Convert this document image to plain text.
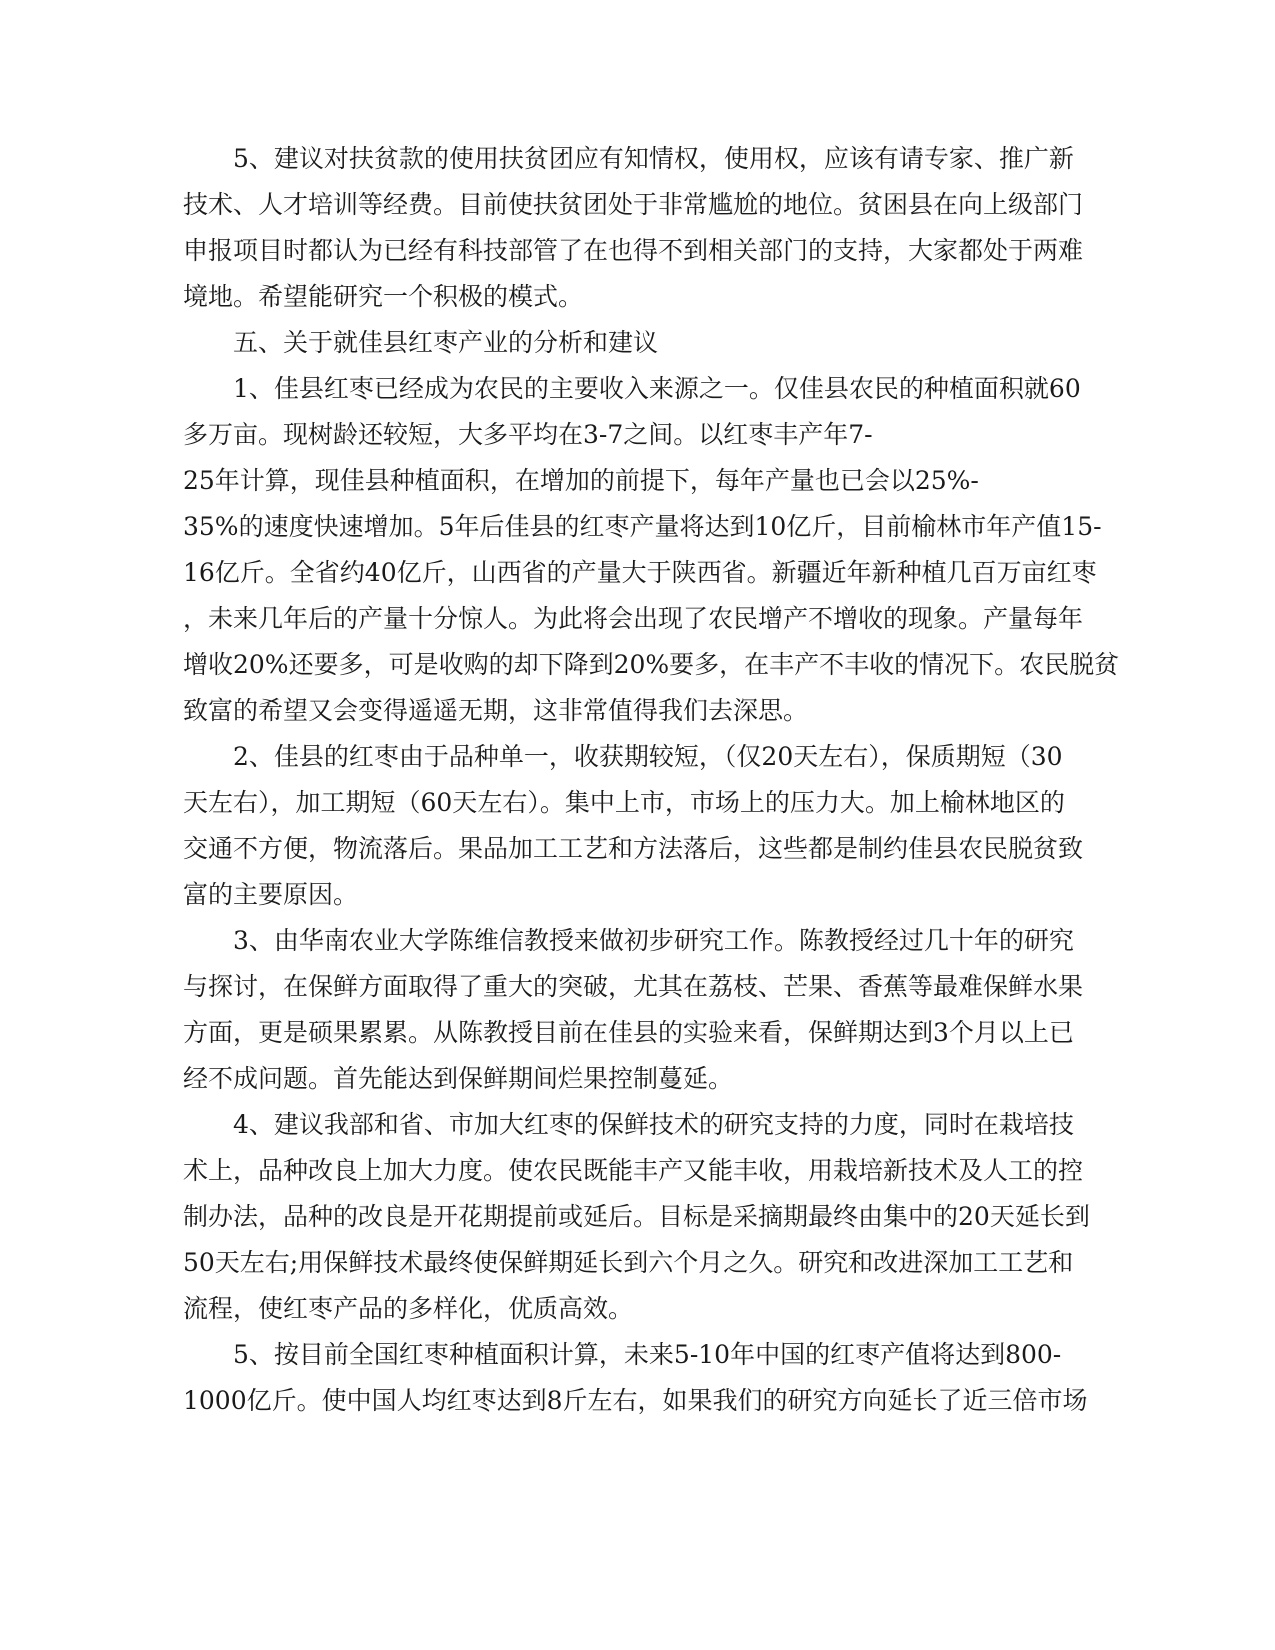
5、建议对扶贫款的使用扶贫团应有知情权，使用权，应该有请专家、推广新
技术、人才培训等经费。目前使扶贫团处于非常尴尬的地位。贫困县在向上级部门
申报项目时都认为已经有科技部管了在也得不到相关部门的支持，大家都处于两难
境地。希望能研究一个积极的模式。
五、关于就佳县红枣产业的分析和建议
1、佳县红枣已经成为农民的主要收入来源之一。仅佳县农民的种植面积就60
多万亩。现树龄还较短，大多平均在3-7之间。以红枣丰产年7-
25年计算，现佳县种植面积，在增加的前提下，每年产量也已会以25%-
35%的速度快速增加。5年后佳县的红枣产量将达到10亿斤，目前榆林市年产值15-
16亿斤。全省约40亿斤，山西省的产量大于陕西省。新疆近年新种植几百万亩红枣
，未来几年后的产量十分惊人。为此将会出现了农民增产不增收的现象。产量每年
增收20%还要多，可是收购的却下降到20%要多，在丰产不丰收的情况下。农民脱贫
致富的希望又会变得遥遥无期，这非常值得我们去深思。
2、佳县的红枣由于品种单一，收获期较短，（仅20天左右），保质期短（30
天左右），加工期短（60天左右）。集中上市，市场上的压力大。加上榆林地区的
交通不方便，物流落后。果品加工工艺和方法落后，这些都是制约佳县农民脱贫致
富的主要原因。
3、由华南农业大学陈维信教授来做初步研究工作。陈教授经过几十年的研究
与探讨，在保鲜方面取得了重大的突破，尤其在荔枝、芒果、香蕉等最难保鲜水果
方面，更是硕果累累。从陈教授目前在佳县的实验来看，保鲜期达到3个月以上已
经不成问题。首先能达到保鲜期间烂果控制蔓延。
4、建议我部和省、市加大红枣的保鲜技术的研究支持的力度，同时在栽培技
术上，品种改良上加大力度。使农民既能丰产又能丰收，用栽培新技术及人工的控
制办法，品种的改良是开花期提前或延后。目标是采摘期最终由集中的20天延长到
50天左右;用保鲜技术最终使保鲜期延长到六个月之久。研究和改进深加工工艺和
流程，使红枣产品的多样化，优质高效。
5、按目前全国红枣种植面积计算，未来5-10年中国的红枣产值将达到800-
1000亿斤。使中国人均红枣达到8斤左右，如果我们的研究方向延长了近三倍市场
